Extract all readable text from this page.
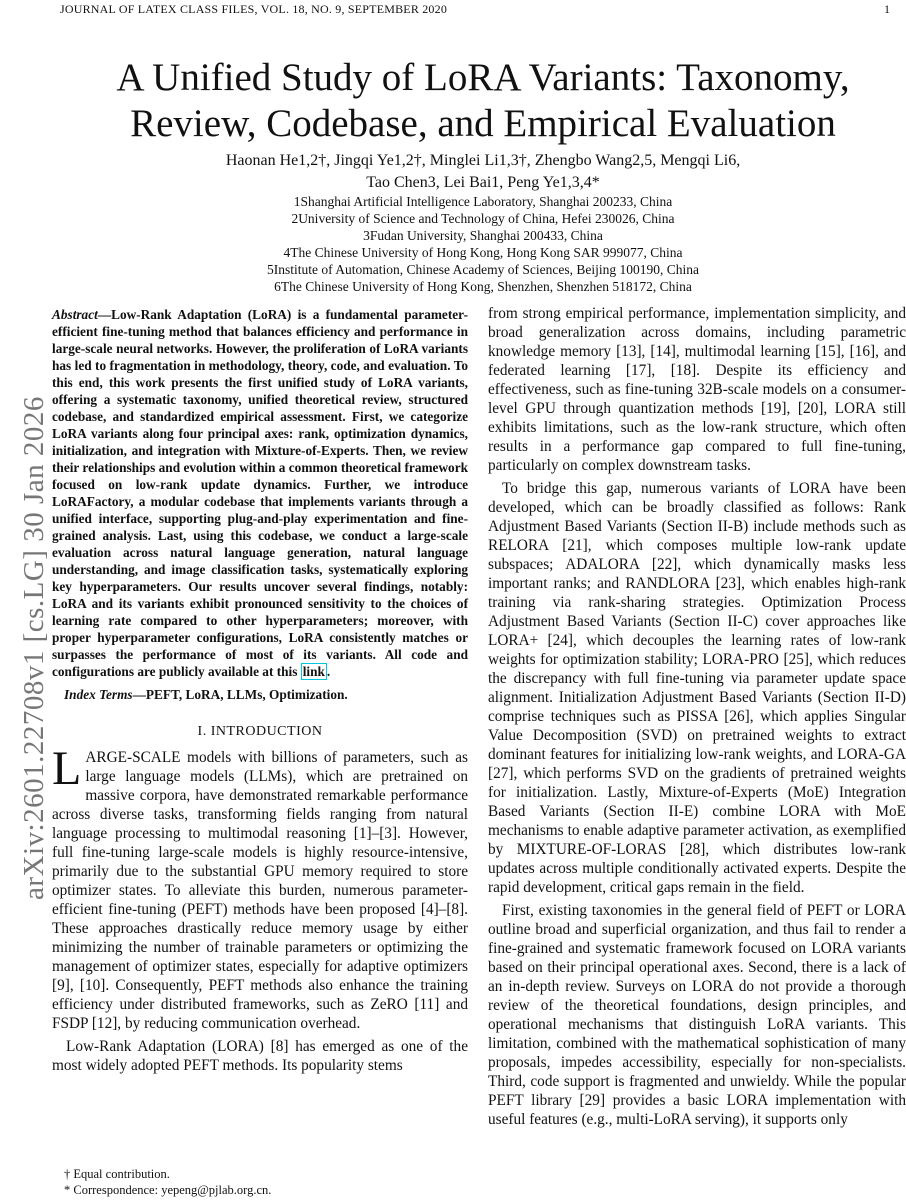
JOURNAL OF LATEX CLASS FILES, VOL. 18, NO. 9, SEPTEMBER 2020	1
arXiv:2601.22708v1 [cs.LG] 30 Jan 2026
A Unified Study of LoRA Variants: Taxonomy,
Review, Codebase, and Empirical Evaluation
Haonan He1,2†, Jingqi Ye1,2†, Minglei Li1,3†, Zhengbo Wang2,5, Mengqi Li6,
Tao Chen3, Lei Bai1, Peng Ye1,3,4*
1Shanghai Artificial Intelligence Laboratory, Shanghai 200233, China
2University of Science and Technology of China, Hefei 230026, China
3Fudan University, Shanghai 200433, China
4The Chinese University of Hong Kong, Hong Kong SAR 999077, China
5Institute of Automation, Chinese Academy of Sciences, Beijing 100190, China
6The Chinese University of Hong Kong, Shenzhen, Shenzhen 518172, China
Abstract—Low-Rank Adaptation (LoRA) is a fundamental parameter-efficient fine-tuning method that balances efficiency and performance in large-scale neural networks. However, the proliferation of LoRA variants has led to fragmentation in methodology, theory, code, and evaluation. To this end, this work presents the first unified study of LoRA variants, offering a systematic taxonomy, unified theoretical review, structured codebase, and standardized empirical assessment. First, we categorize LoRA variants along four principal axes: rank, optimization dynamics, initialization, and integration with Mixture-of-Experts. Then, we review their relationships and evolution within a common theoretical framework focused on low-rank update dynamics. Further, we introduce LoRAFactory, a modular codebase that implements variants through a unified interface, supporting plug-and-play experimentation and fine-grained analysis. Last, using this codebase, we conduct a large-scale evaluation across natural language generation, natural language understanding, and image classification tasks, systematically exploring key hyperparameters. Our results uncover several findings, notably: LoRA and its variants exhibit pronounced sensitivity to the choices of learning rate compared to other hyperparameters; moreover, with proper hyperparameter configurations, LoRA consistently matches or surpasses the performance of most of its variants. All code and configurations are publicly available at this link .
Index Terms—PEFT, LoRA, LLMs, Optimization.
I. INTRODUCTION

LARGE-SCALE models with billions of parameters, such as large language models (LLMs), which are pretrained on massive corpora, have demonstrated remarkable performance across diverse tasks, transforming fields ranging from natural language processing to multimodal reasoning [1]–[3]. However, full fine-tuning large-scale models is highly resource-intensive, primarily due to the substantial GPU memory required to store optimizer states. To alleviate this burden, numerous parameter-efficient fine-tuning (PEFT) methods have been proposed [4]–[8]. These approaches drastically reduce memory usage by either minimizing the number of trainable parameters or optimizing the management of optimizer states, especially for adaptive optimizers [9], [10]. Consequently, PEFT methods also enhance the training efficiency under distributed frameworks, such as ZeRO [11] and FSDP [12], by reducing communication overhead.

Low-Rank Adaptation (LORA) [8] has emerged as one of the most widely adopted PEFT methods. Its popularity stems

from strong empirical performance, implementation simplicity, and broad generalization across domains, including parametric knowledge memory [13], [14], multimodal learning [15], [16], and federated learning [17], [18]. Despite its efficiency and effectiveness, such as fine-tuning 32B-scale models on a consumer-level GPU through quantization methods [19], [20], LORA still exhibits limitations, such as the low-rank structure, which often results in a performance gap compared to full fine-tuning, particularly on complex downstream tasks.

To bridge this gap, numerous variants of LORA have been developed, which can be broadly classified as follows: Rank Adjustment Based Variants (Section II-B) include methods such as RELORA [21], which composes multiple low-rank update subspaces; ADALORA [22], which dynamically masks less important ranks; and RANDLORA [23], which enables high-rank training via rank-sharing strategies. Optimization Process Adjustment Based Variants (Section II-C) cover approaches like LORA+ [24], which decouples the learning rates of low-rank weights for optimization stability; LORA-PRO [25], which reduces the discrepancy with full fine-tuning via parameter update space alignment. Initialization Adjustment Based Variants (Section II-D) comprise techniques such as PISSA [26], which applies Singular Value Decomposition (SVD) on pretrained weights to extract dominant features for initializing low-rank weights, and LORA-GA [27], which performs SVD on the gradients of pretrained weights for initialization. Lastly, Mixture-of-Experts (MoE) Integration Based Variants (Section II-E) combine LORA with MoE mechanisms to enable adaptive parameter activation, as exemplified by MIXTURE-OF-LORAS [28], which distributes low-rank updates across multiple conditionally activated experts. Despite the rapid development, critical gaps remain in the field.

First, existing taxonomies in the general field of PEFT or LORA outline broad and superficial organization, and thus fail to render a fine-grained and systematic framework focused on LORA variants based on their principal operational axes. Second, there is a lack of an in-depth review. Surveys on LORA do not provide a thorough review of the theoretical foundations, design principles, and operational mechanisms that distinguish LoRA variants. This limitation, combined with the mathematical sophistication of many proposals, impedes accessibility, especially for non-specialists. Third, code support is fragmented and unwieldy. While the popular PEFT library [29] provides a basic LORA implementation with useful features (e.g., multi-LoRA serving), it supports only

† Equal contribution.
* Correspondence: yepeng@pjlab.org.cn.
